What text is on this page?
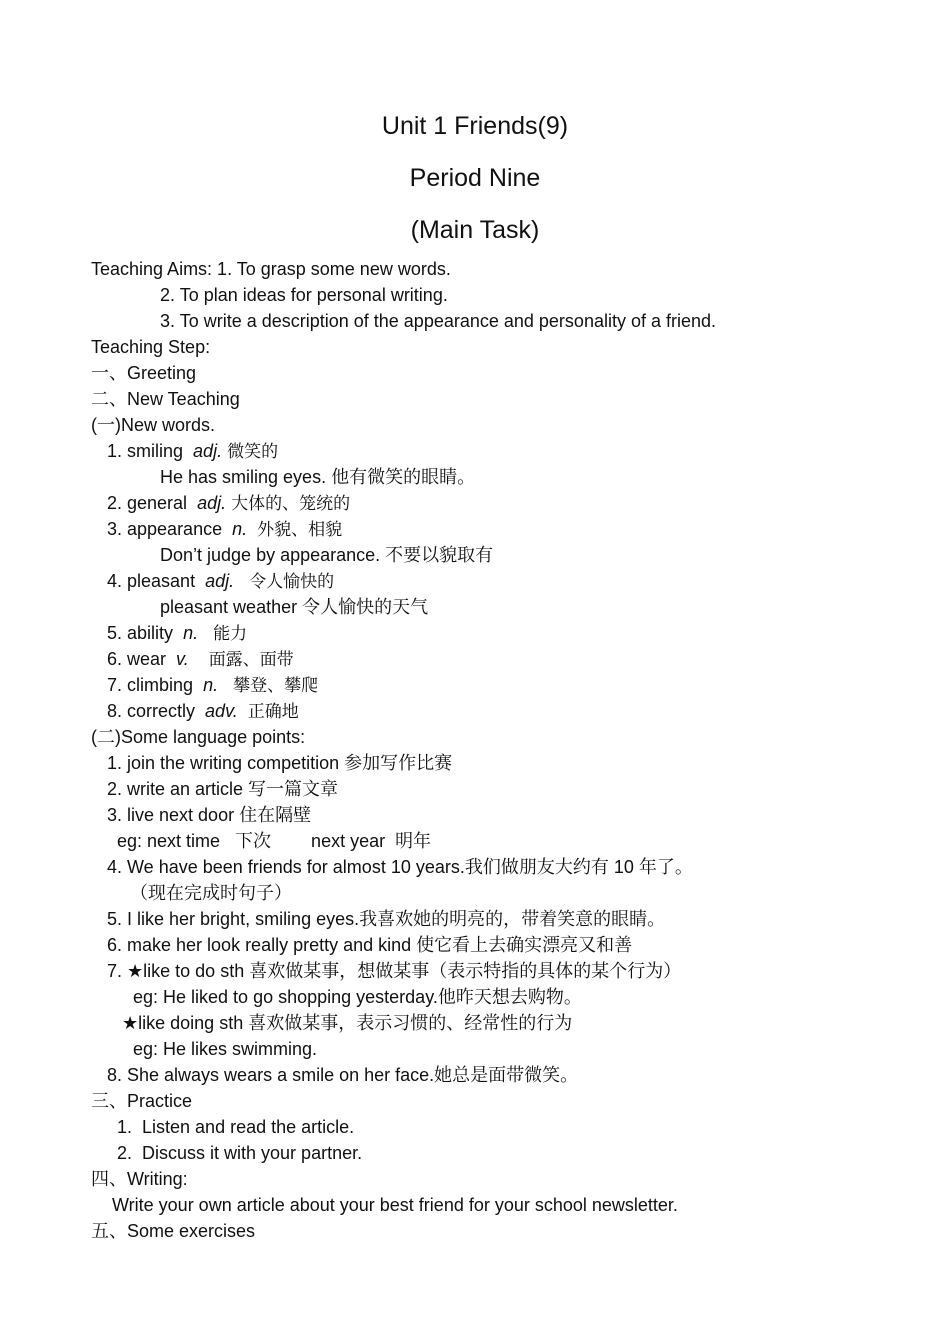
Unit 1 Friends(9)
Period Nine
(Main Task)
Teaching Aims: 1. To grasp some new words.
2. To plan ideas for personal writing.
3. To write a description of the appearance and personality of a friend.
Teaching Step:
一、Greeting
二、New Teaching
(一)New words.
1. smiling adj. 微笑的
He has smiling eyes. 他有微笑的眼睛。
2. general adj. 大体的、笼统的
3. appearance n. 外貌、相貌
Don’t judge by appearance. 不要以貌取有
4. pleasant adj. 令人愉快的
pleasant weather 令人愉快的天气
5. ability n. 能力
6. wear v. 面露、面带
7. climbing n. 攀登、攀爬
8. correctly adv. 正确地
(二)Some language points:
1. join the writing competition 参加写作比赛
2. write an article 写一篇文章
3. live next door 住在隔壁
eg: next time   下次        next year  明年
4. We have been friends for almost 10 years.我们做朋友大约有 10 年了。
（现在完成时句子）
5. I like her bright, smiling eyes.我喜欢她的明亮的，带着笑意的眼睛。
6. make her look really pretty and kind 使它看上去确实漂亮又和善
7. ★like to do sth 喜欢做某事，想做某事（表示特指的具体的某个行为）
eg: He liked to go shopping yesterday.他昨天想去购物。
★like doing sth 喜欢做某事，表示习惯的、经常性的行为
eg: He likes swimming.
8. She always wears a smile on her face.她总是面带微笑。
三、Practice
1.  Listen and read the article.
2.  Discuss it with your partner.
四、Writing:
Write your own article about your best friend for your school newsletter.
五、Some exercises
